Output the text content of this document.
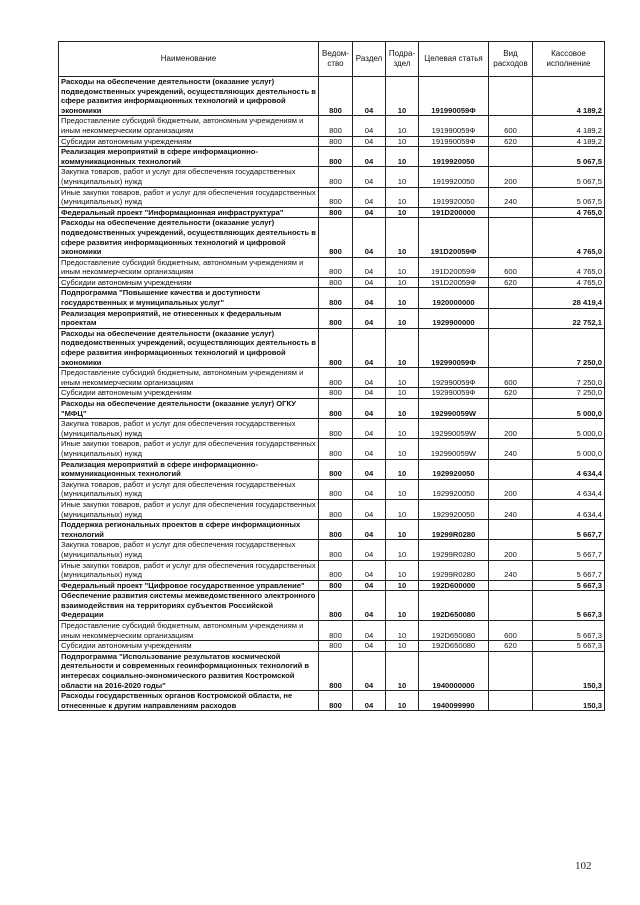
Наименование	Ведом-ство	Раздел	Подра-здел	Целевая статья	Вид расходов	Кассовое исполнение
Расходы на обеспечение деятельности (оказание услуг) подведомственных учреждений, осуществляющих деятельность в сфере развития информационных технологий и цифровой экономики	800	04	10	191990059Ф		4 189,2
Предоставление субсидий бюджетным, автономным учреждениям и иным некоммерческим организациям	800	04	10	191990059Ф	600	4 189,2
Субсидии автономным учреждениям	800	04	10	191990059Ф	620	4 189,2
Реализация мероприятий в сфере информационно-коммуникационных технологий	800	04	10	1919920050		5 067,5
Закупка товаров, работ и услуг для обеспечения государственных (муниципальных) нужд	800	04	10	1919920050	200	5 067,5
Иные закупки товаров, работ и услуг для обеспечения государственных (муниципальных) нужд	800	04	10	1919920050	240	5 067,5
Федеральный проект "Информационная инфраструктура"	800	04	10	191D200000		4 765,0
Расходы на обеспечение деятельности (оказание услуг) подведомственных учреждений, осуществляющих деятельность в сфере развития информационных технологий и цифровой экономики	800	04	10	191D20059Ф		4 765,0
Предоставление субсидий бюджетным, автономным учреждениям и иным некоммерческим организациям	800	04	10	191D20059Ф	600	4 765,0
Субсидии автономным учреждениям	800	04	10	191D20059Ф	620	4 765,0
Подпрограмма "Повышение качества и доступности государственных и муниципальных услуг"	800	04	10	1920000000		28 419,4
Реализация мероприятий, не отнесенных к федеральным проектам	800	04	10	1929900000		22 752,1
Расходы на обеспечение деятельности (оказание услуг) подведомственных учреждений, осуществляющих деятельность в сфере развития информационных технологий и цифровой экономики	800	04	10	192990059Ф		7 250,0
Предоставление субсидий бюджетным, автономным учреждениям и иным некоммерческим организациям	800	04	10	192990059Ф	600	7 250,0
Субсидии автономным учреждениям	800	04	10	192990059Ф	620	7 250,0
Расходы на обеспечение деятельности (оказание услуг) ОГКУ "МФЦ"	800	04	10	192990059W		5 000,0
Закупка товаров, работ и услуг для обеспечения государственных (муниципальных) нужд	800	04	10	192990059W	200	5 000,0
Иные закупки товаров, работ и услуг для обеспечения государственных (муниципальных) нужд	800	04	10	192990059W	240	5 000,0
Реализация мероприятий в сфере информационно-коммуникационных технологий	800	04	10	1929920050		4 634,4
Закупка товаров, работ и услуг для обеспечения государственных (муниципальных) нужд	800	04	10	1929920050	200	4 634,4
Иные закупки товаров, работ и услуг для обеспечения государственных (муниципальных) нужд	800	04	10	1929920050	240	4 634,4
Поддержка региональных проектов в сфере информационных технологий	800	04	10	19299R0280		5 667,7
Закупка товаров, работ и услуг для обеспечения государственных (муниципальных) нужд	800	04	10	19299R0280	200	5 667,7
Иные закупки товаров, работ и услуг для обеспечения государственных (муниципальных) нужд	800	04	10	19299R0280	240	5 667,7
Федеральный проект "Цифровое государственное управление"	800	04	10	192D600000		5 667,3
Обеспечение развития системы межведомственного электронного взаимодействия на территориях субъектов Российской Федерации	800	04	10	192D650080		5 667,3
Предоставление субсидий бюджетным, автономным учреждениям и иным некоммерческим организациям	800	04	10	192D650080	600	5 667,3
Субсидии автономным учреждениям	800	04	10	192D650080	620	5 667,3
Подпрограмма "Использование результатов космической деятельности и современных геоинформационных технологий в интересах социально-экономического развития Костромской области на 2016-2020 годы"	800	04	10	1940000000		150,3
Расходы государственных органов Костромской области, не отнесенные к другим направлениям расходов	800	04	10	1940099990		150,3
102
